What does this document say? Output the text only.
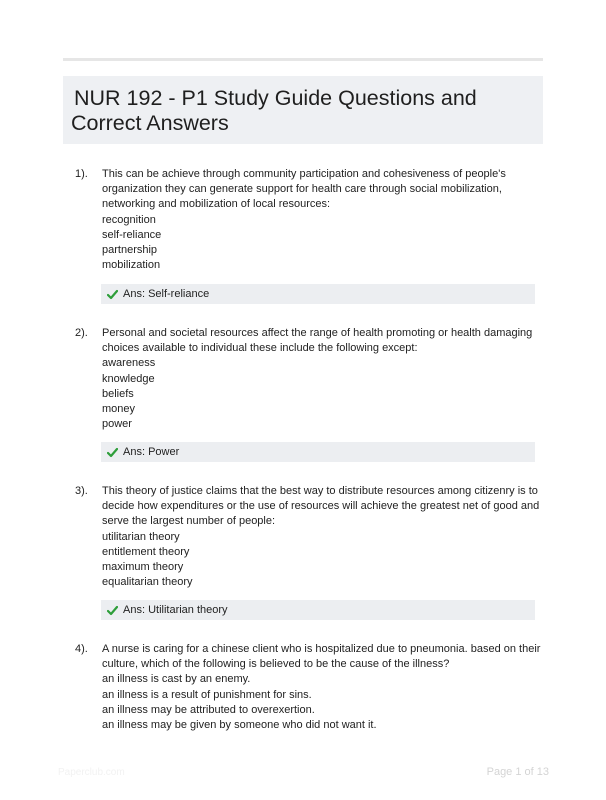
NUR 192 - P1 Study Guide Questions and Correct Answers
1). This can be achieve through community participation and cohesiveness of people's organization they can generate support for health care through social mobilization, networking and mobilization of local resources:
recognition
self-reliance
partnership
mobilization
Ans: Self-reliance
2). Personal and societal resources affect the range of health promoting or health damaging choices available to individual these include the following except:
awareness
knowledge
beliefs
money
power
Ans: Power
3). This theory of justice claims that the best way to distribute resources among citizenry is to decide how expenditures or the use of resources will achieve the greatest net of good and serve the largest number of people:
utilitarian theory
entitlement theory
maximum theory
equalitarian theory
Ans: Utilitarian theory
4). A nurse is caring for a chinese client who is hospitalized due to pneumonia. based on their culture, which of the following is believed to be the cause of the illness?
an illness is cast by an enemy.
an illness is a result of punishment for sins.
an illness may be attributed to overexertion.
an illness may be given by someone who did not want it.
Paperclub.com	Page 1 of 13
